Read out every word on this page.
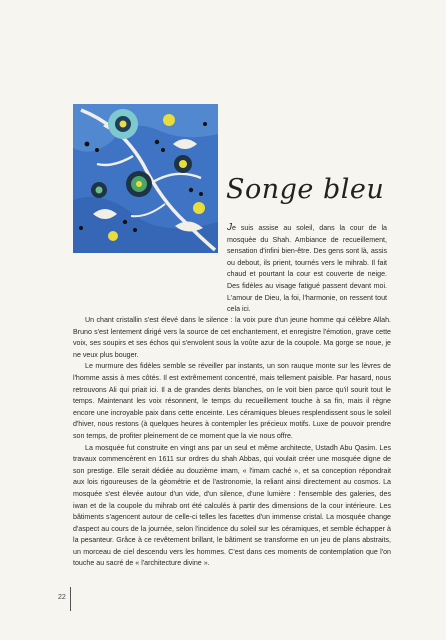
Songe bleu

Je suis assise au soleil, dans la cour de la mosquée du Shah. Ambiance de recueillement, sensation d'infini bien-être. Des gens sont là, assis ou debout, ils prient, tournés vers le mihrab. Il fait chaud et pourtant la cour est couverte de neige. Des fidèles au visage fatigué passent devant moi. L'amour de Dieu, la foi, l'harmonie, on ressent tout cela ici.

Un chant cristallin s'est élevé dans le silence : la voix pure d'un jeune homme qui célèbre Allah. Bruno s'est lentement dirigé vers la source de cet enchantement, et enregistre l'émotion, grave cette voix, ses soupirs et ses échos qui s'envolent sous la voûte azur de la coupole. Ma gorge se noue, je ne veux plus bouger.

Le murmure des fidèles semble se réveiller par instants, un son rauque monte sur les lèvres de l'homme assis à mes côtés. Il est extrêmement concentré, mais tellement paisible. Par hasard, nous retrouvons Ali qui priait ici. Il a de grandes dents blanches, on le voit bien parce qu'il sourit tout le temps. Maintenant les voix résonnent, le temps du recueillement touche à sa fin, mais il règne encore une incroyable paix dans cette enceinte. Les céramiques bleues resplendissent sous le soleil d'hiver, nous restons (à quelques heures à contempler les précieux motifs. Luxe de pouvoir prendre son temps, de profiter pleinement de ce moment que la vie nous offre.

La mosquée fut construite en vingt ans par un seul et même architecte, Ustadh Abu Qasim. Les travaux commencèrent en 1611 sur ordres du shah Abbas, qui voulait créer une mosquée digne de son prestige. Elle serait dédiée au douzième imam, « l'imam caché », et sa conception répondrait aux lois rigoureuses de la géométrie et de l'astronomie, la reliant ainsi directement au cosmos. La mosquée s'est élevée autour d'un vide, d'un silence, d'une lumière : l'ensemble des galeries, des iwan et de la coupole du mihrab ont été calculés à partir des dimensions de la cour intérieure. Les bâtiments s'agencent autour de celle-ci telles les facettes d'un immense cristal. La mosquée change d'aspect au cours de la journée, selon l'incidence du soleil sur les céramiques, et semble échapper à la pesanteur. Grâce à ce revêtement brillant, le bâtiment se transforme en un jeu de plans abstraits, un morceau de ciel descendu vers les hommes. C'est dans ces moments de contemplation que l'on touche au sacré de « l'architecture divine ».

22
